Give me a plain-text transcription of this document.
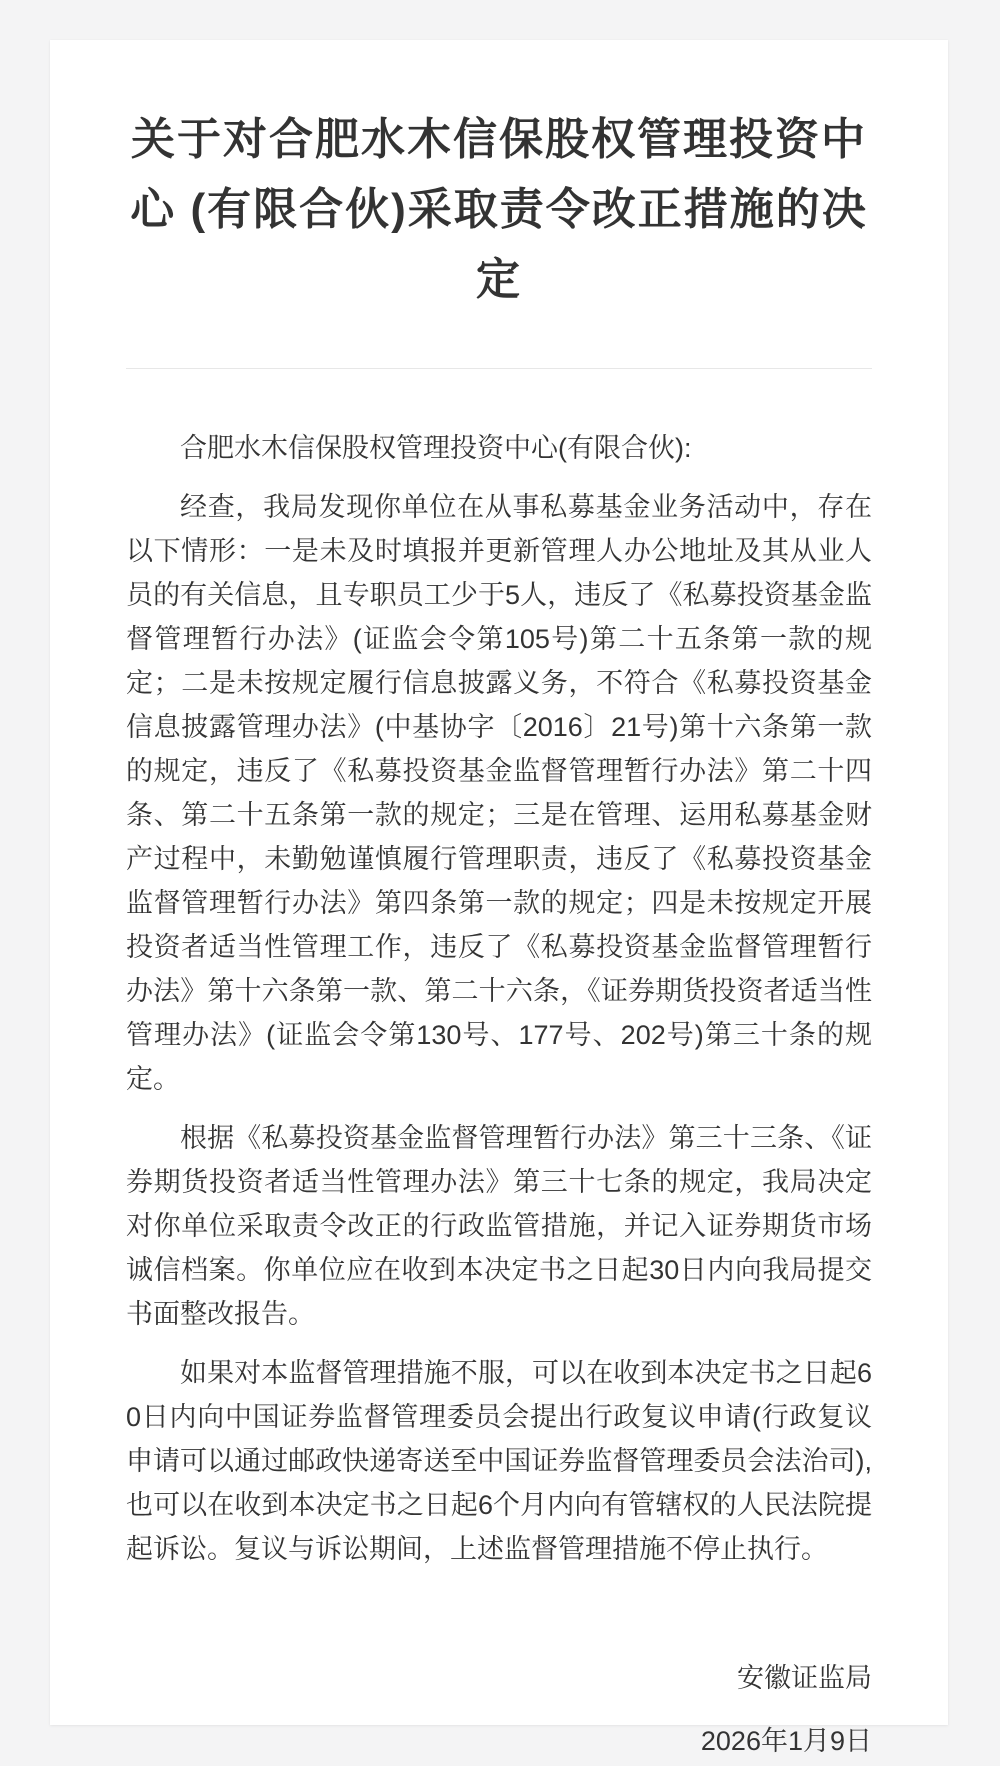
关于对合肥水木信保股权管理投资中心 (有限合伙)采取责令改正措施的决定

合肥水木信保股权管理投资中心(有限合伙):

经查，我局发现你单位在从事私募基金业务活动中，存在以下情形：一是未及时填报并更新管理人办公地址及其从业人员的有关信息，且专职员工少于5人，违反了《私募投资基金监督管理暂行办法》(证监会令第105号)第二十五条第一款的规定；二是未按规定履行信息披露义务，不符合《私募投资基金信息披露管理办法》(中基协字〔2016〕21号)第十六条第一款的规定，违反了《私募投资基金监督管理暂行办法》第二十四条、第二十五条第一款的规定；三是在管理、运用私募基金财产过程中，未勤勉谨慎履行管理职责，违反了《私募投资基金监督管理暂行办法》第四条第一款的规定；四是未按规定开展投资者适当性管理工作，违反了《私募投资基金监督管理暂行办法》第十六条第一款、第二十六条，《证券期货投资者适当性管理办法》(证监会令第130号、177号、202号)第三十条的规定。

根据《私募投资基金监督管理暂行办法》第三十三条、《证券期货投资者适当性管理办法》第三十七条的规定，我局决定对你单位采取责令改正的行政监管措施，并记入证券期货市场诚信档案。你单位应在收到本决定书之日起30日内向我局提交书面整改报告。

如果对本监督管理措施不服，可以在收到本决定书之日起60日内向中国证券监督管理委员会提出行政复议申请(行政复议申请可以通过邮政快递寄送至中国证券监督管理委员会法治司),也可以在收到本决定书之日起6个月内向有管辖权的人民法院提起诉讼。复议与诉讼期间，上述监督管理措施不停止执行。

安徽证监局

2026年1月9日
